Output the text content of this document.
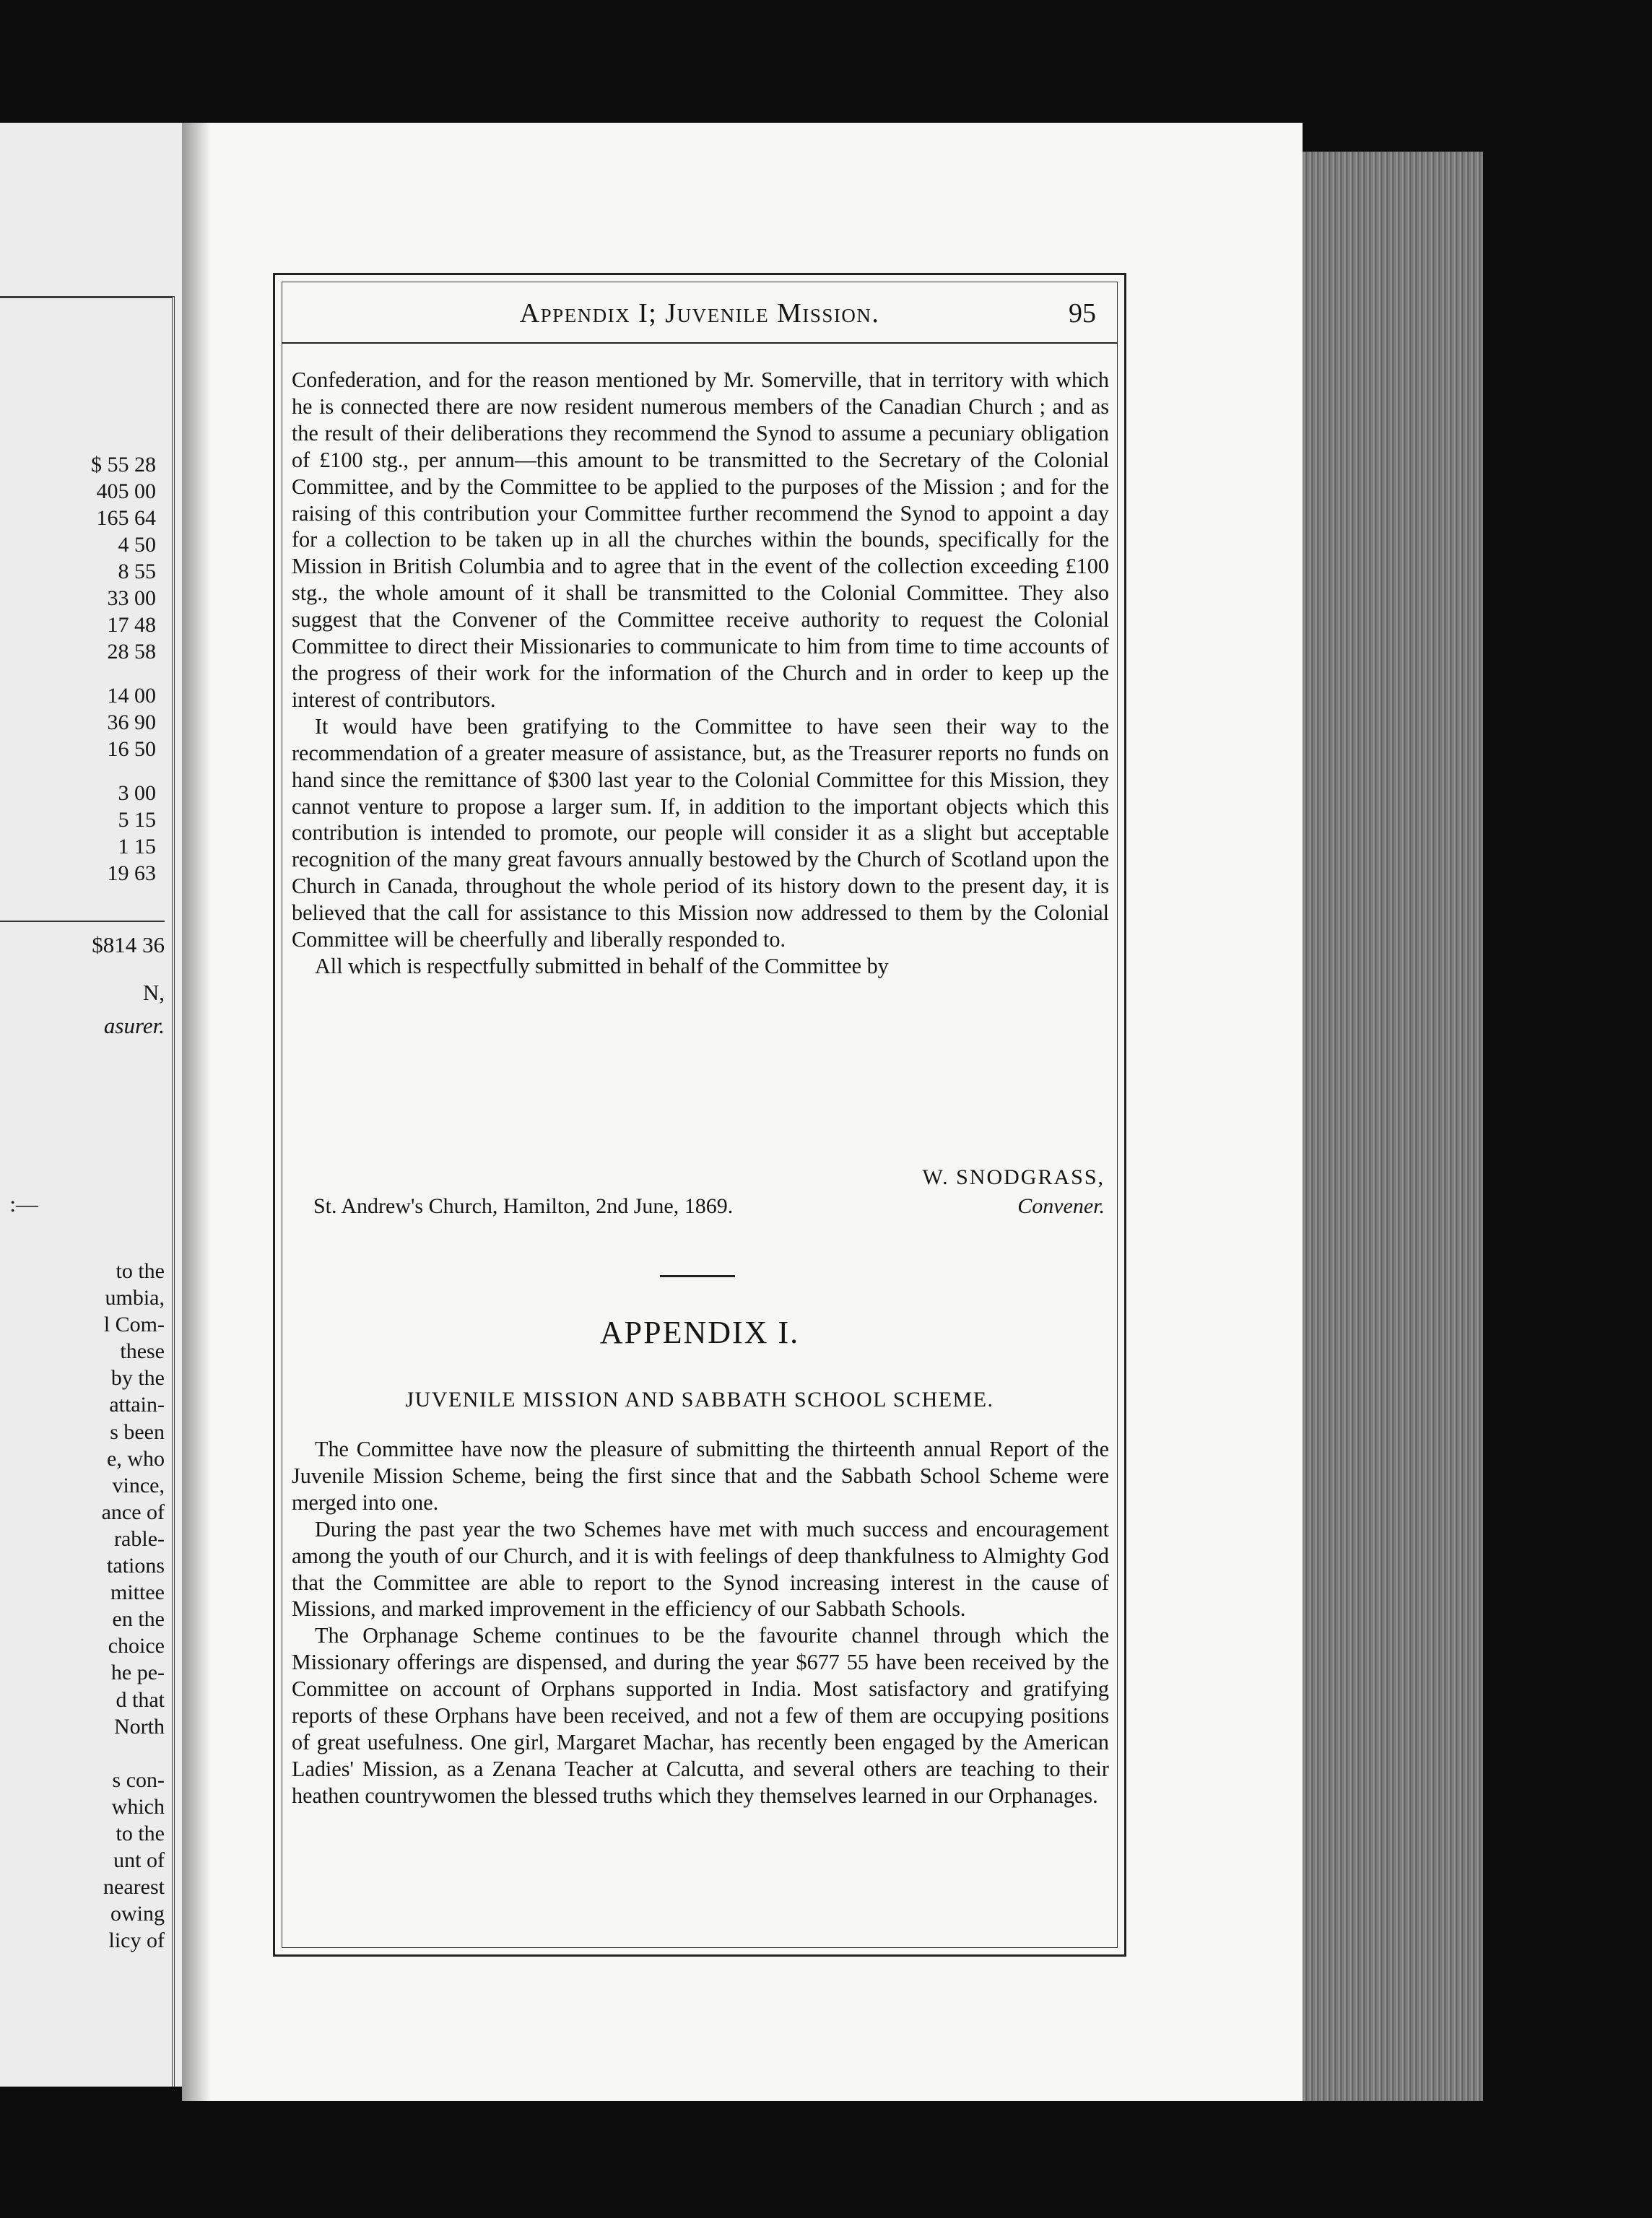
$ 55 28
405 00
165 64
4 50
8 55
33 00
17 48
28 58
14 00
36 90
16 50
3 00
5 15
1 15
19 63
$814 36
N,
asurer.
:—
to the
umbia,
l Com-
these
by the
attain-
s been
e, who
vince,
ance of
rable-
tations
mittee
en the
choice
he pe-
d that
North
s con-
which
to the
unt of
nearest
owing
licy of
Appendix I; Juvenile Mission.	95

Confederation, and for the reason mentioned by Mr. Somerville, that in territory with which he is connected there are now resident numerous members of the Canadian Church ; and as the result of their deliberations they recommend the Synod to assume a pecuniary obligation of £100 stg., per annum—this amount to be transmitted to the Secretary of the Colonial Committee, and by the Committee to be applied to the purposes of the Mission ; and for the raising of this contribution your Committee further recommend the Synod to appoint a day for a collection to be taken up in all the churches within the bounds, specifically for the Mission in British Columbia and to agree that in the event of the collection exceeding £100 stg., the whole amount of it shall be transmitted to the Colonial Committee. They also suggest that the Convener of the Committee receive authority to request the Colonial Committee to direct their Missionaries to communicate to him from time to time accounts of the progress of their work for the information of the Church and in order to keep up the interest of contributors.

It would have been gratifying to the Committee to have seen their way to the recommendation of a greater measure of assistance, but, as the Treasurer reports no funds on hand since the remittance of $300 last year to the Colonial Committee for this Mission, they cannot venture to propose a larger sum. If, in addition to the important objects which this contribution is intended to promote, our people will consider it as a slight but acceptable recognition of the many great favours annually bestowed by the Church of Scotland upon the Church in Canada, throughout the whole period of its history down to the present day, it is believed that the call for assistance to this Mission now addressed to them by the Colonial Committee will be cheerfully and liberally responded to.

All which is respectfully submitted in behalf of the Committee by

W. SNODGRASS,
St. Andrew's Church, Hamilton, 2nd June, 1869.	Convener.
APPENDIX I.
JUVENILE MISSION AND SABBATH SCHOOL SCHEME.

The Committee have now the pleasure of submitting the thirteenth annual Report of the Juvenile Mission Scheme, being the first since that and the Sabbath School Scheme were merged into one.

During the past year the two Schemes have met with much success and encouragement among the youth of our Church, and it is with feelings of deep thankfulness to Almighty God that the Committee are able to report to the Synod increasing interest in the cause of Missions, and marked improvement in the efficiency of our Sabbath Schools.

The Orphanage Scheme continues to be the favourite channel through which the Missionary offerings are dispensed, and during the year $677 55 have been received by the Committee on account of Orphans supported in India. Most satisfactory and gratifying reports of these Orphans have been received, and not a few of them are occupying positions of great usefulness. One girl, Margaret Machar, has recently been engaged by the American Ladies' Mission, as a Zenana Teacher at Calcutta, and several others are teaching to their heathen countrywomen the blessed truths which they themselves learned in our Orphanages.
